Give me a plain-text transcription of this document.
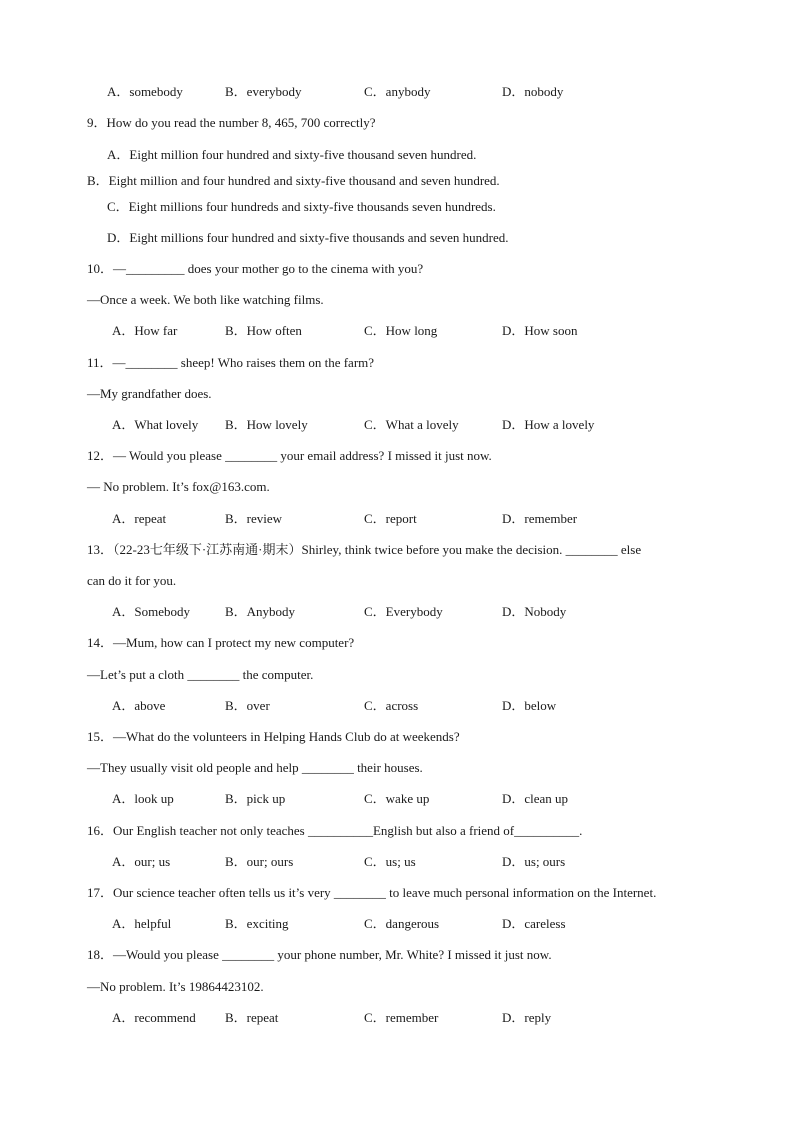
A．somebody	B．everybody	C．anybody	D．nobody
9．How do you read the number 8, 465, 700 correctly?
A．Eight million four hundred and sixty-five thousand seven hundred.
B．Eight million and four hundred and sixty-five thousand and seven hundred.
C．Eight millions four hundreds and sixty-five thousands seven hundreds.
D．Eight millions four hundred and sixty-five thousands and seven hundred.
10．—_________ does your mother go to the cinema with you?
—Once a week. We both like watching films.
A．How far	B．How often	C．How long	D．How soon
11．—________ sheep! Who raises them on the farm?
—My grandfather does.
A．What lovely B．How lovely	C．What a lovely	D．How a lovely
12．— Would you please ________ your email address? I missed it just now.
— No problem. It’s fox@163.com.
A．repeat	B．review	C．report	D．remember
13．（22-23七年级下·江苏南通·期末）Shirley, think twice before you make the decision. ________ else
can do it for you.
A．Somebody	B．Anybody	C．Everybody	D．Nobody
14．—Mum, how can I protect my new computer?
—Let’s put a cloth ________ the computer.
A．above	B．over	C．across	D．below
15．—What do the volunteers in Helping Hands Club do at weekends?
—They usually visit old people and help ________ their houses.
A．look up	B．pick up	C．wake up	D．clean up
16．Our English teacher not only teaches __________English but also a friend of__________.
A．our; us	B．our; ours	C．us; us	D．us; ours
17．Our science teacher often tells us it’s very ________ to leave much personal information on the Internet.
A．helpful	B．exciting	C．dangerous	D．careless
18．—Would you please ________ your phone number, Mr. White? I missed it just now.
—No problem. It’s 19864423102.
A．recommend B．repeat	C．remember	D．reply
